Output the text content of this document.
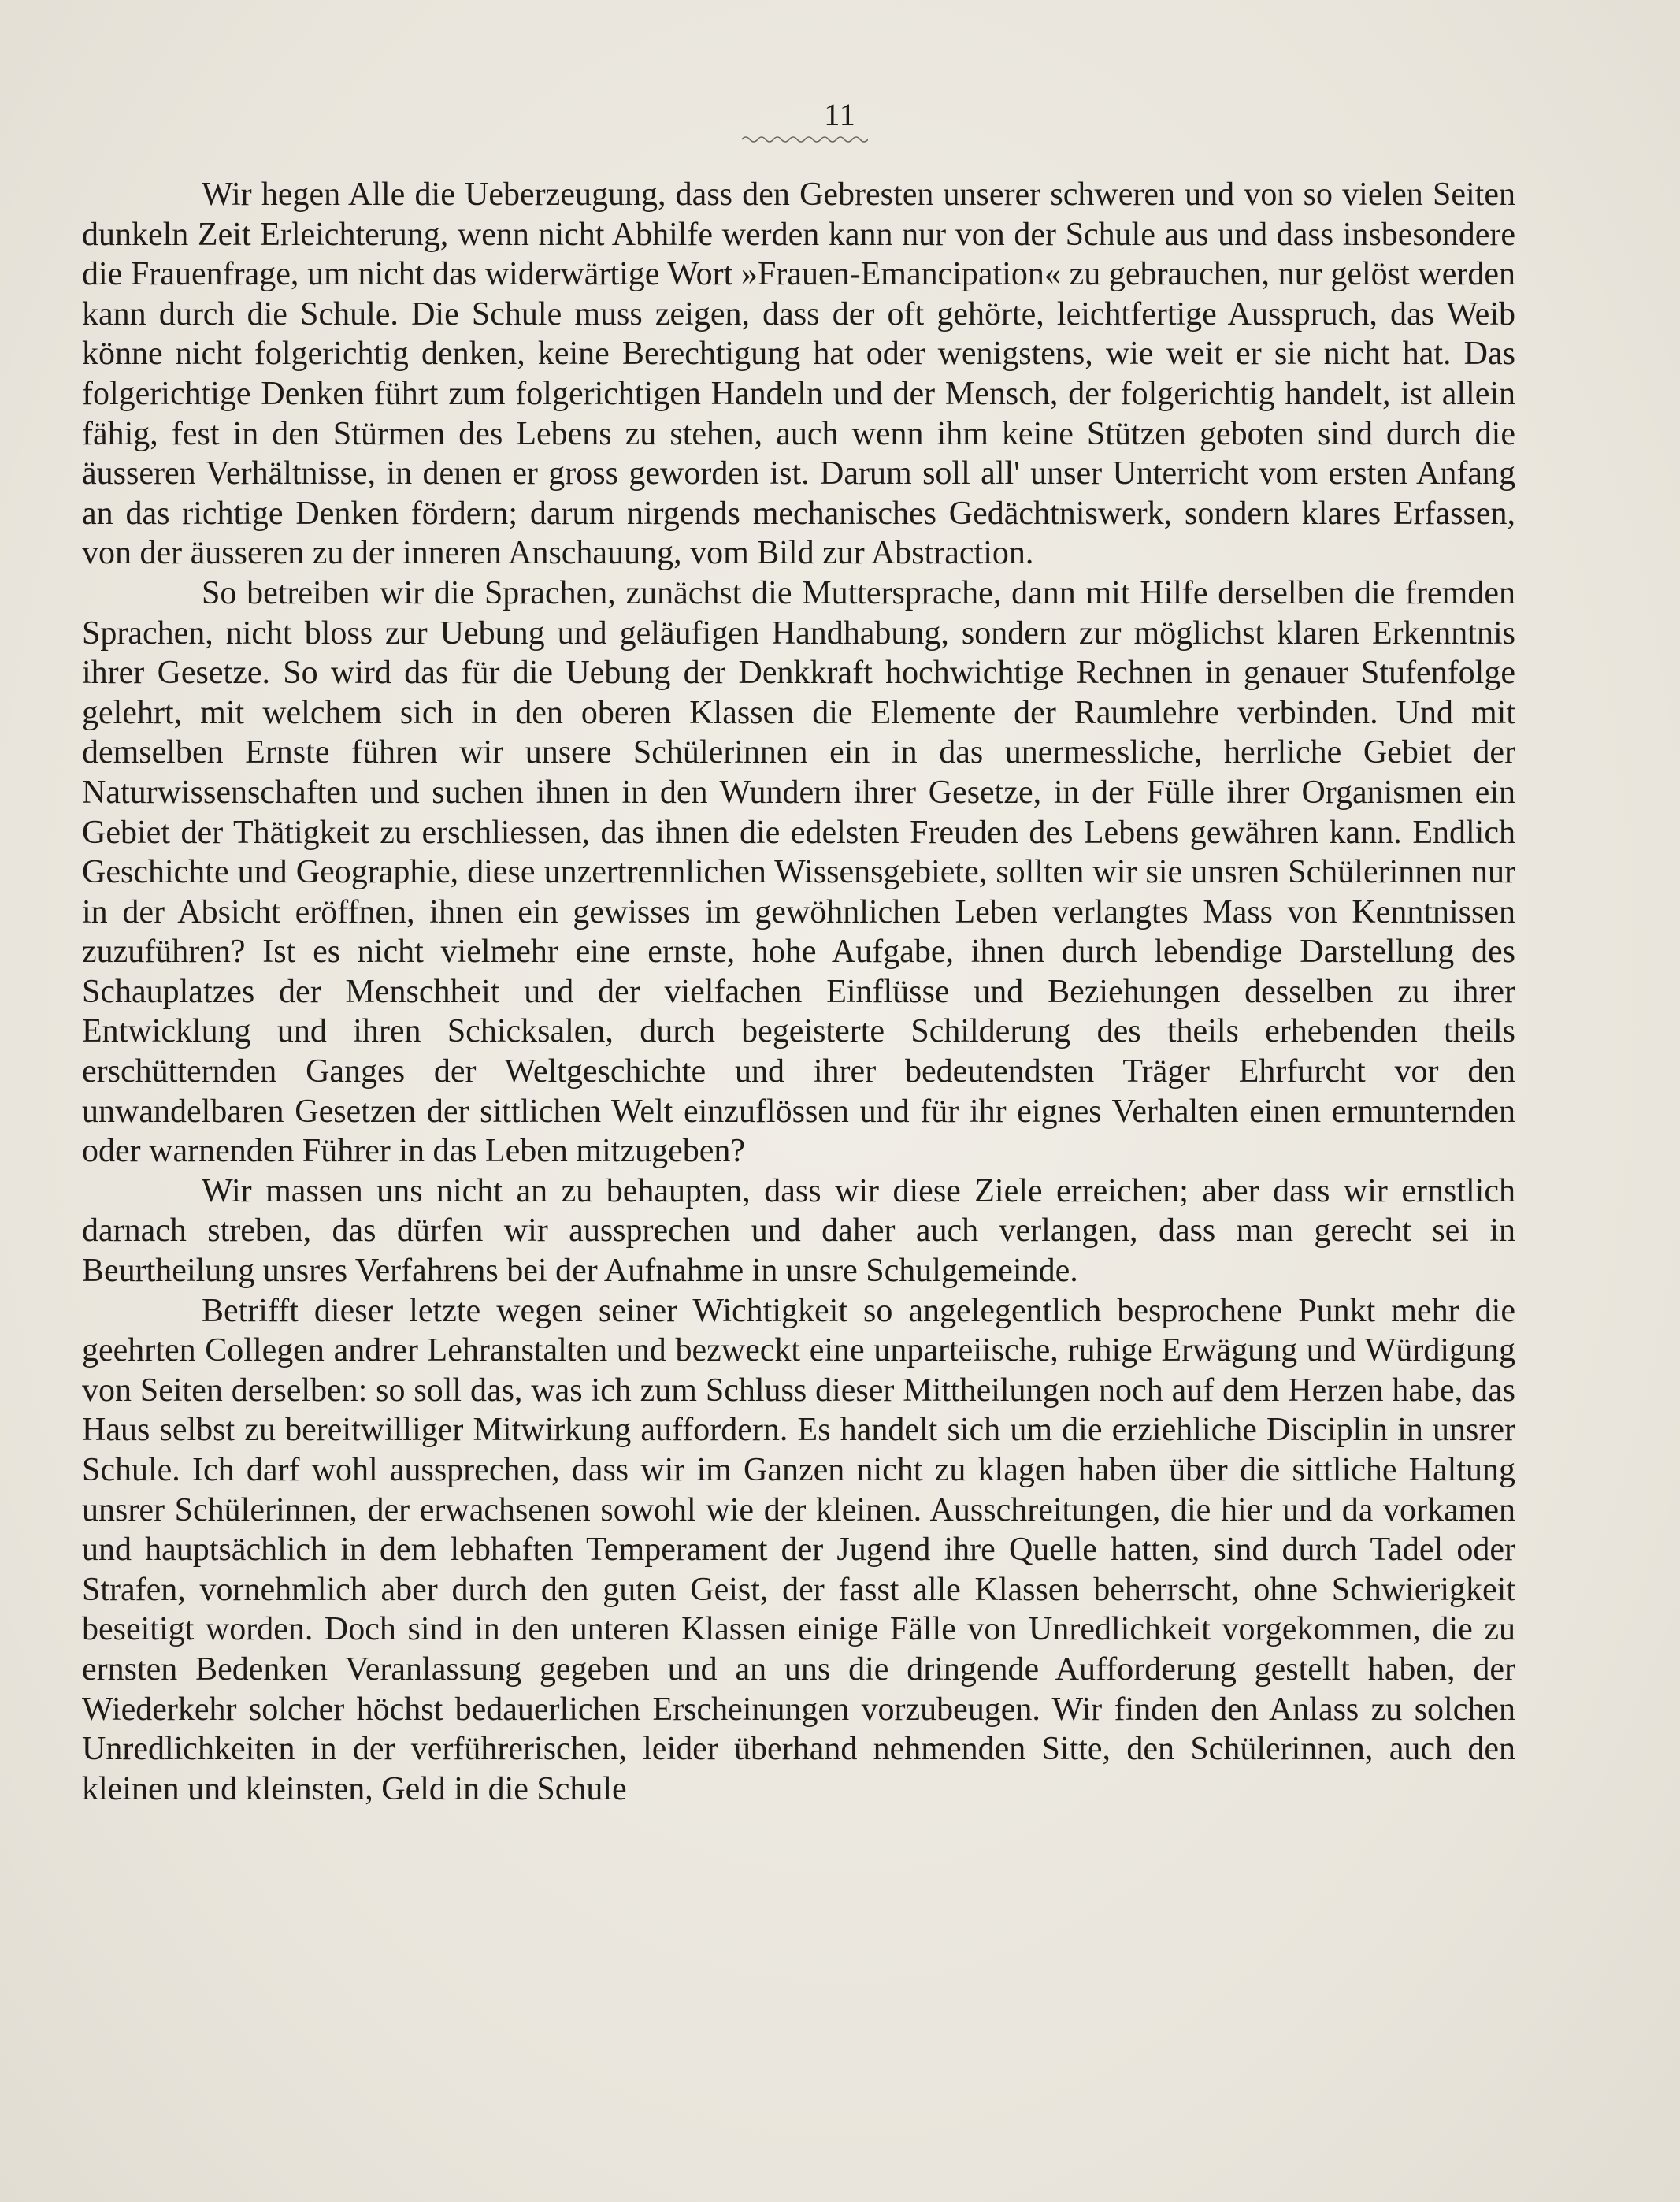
11

Wir hegen Alle die Ueberzeugung, dass den Gebresten unserer schweren und von so vielen Seiten dunkeln Zeit Erleichterung, wenn nicht Abhilfe werden kann nur von der Schule aus und dass insbesondere die Frauenfrage, um nicht das widerwärtige Wort »Frauen-Emancipation« zu gebrauchen, nur gelöst werden kann durch die Schule. Die Schule muss zeigen, dass der oft gehörte, leichtfertige Ausspruch, das Weib könne nicht folgerichtig denken, keine Berechtigung hat oder wenigstens, wie weit er sie nicht hat. Das folgerichtige Denken führt zum folgerichtigen Handeln und der Mensch, der folgerichtig handelt, ist allein fähig, fest in den Stürmen des Lebens zu stehen, auch wenn ihm keine Stützen geboten sind durch die äusseren Verhältnisse, in denen er gross geworden ist. Darum soll all' unser Unterricht vom ersten Anfang an das richtige Denken fördern; darum nirgends mechanisches Gedächtniswerk, sondern klares Erfassen, von der äusseren zu der inneren Anschauung, vom Bild zur Abstraction.

So betreiben wir die Sprachen, zunächst die Muttersprache, dann mit Hilfe derselben die fremden Sprachen, nicht bloss zur Uebung und geläufigen Handhabung, sondern zur möglichst klaren Erkenntnis ihrer Gesetze. So wird das für die Uebung der Denkkraft hochwichtige Rechnen in genauer Stufenfolge gelehrt, mit welchem sich in den oberen Klassen die Elemente der Raumlehre verbinden. Und mit demselben Ernste führen wir unsere Schülerinnen ein in das unermessliche, herrliche Gebiet der Naturwissenschaften und suchen ihnen in den Wundern ihrer Gesetze, in der Fülle ihrer Organismen ein Gebiet der Thätigkeit zu erschliessen, das ihnen die edelsten Freuden des Lebens gewähren kann. Endlich Geschichte und Geographie, diese unzertrennlichen Wissensgebiete, sollten wir sie unsren Schülerinnen nur in der Absicht eröffnen, ihnen ein gewisses im gewöhnlichen Leben verlangtes Mass von Kenntnissen zuzuführen? Ist es nicht vielmehr eine ernste, hohe Aufgabe, ihnen durch lebendige Darstellung des Schauplatzes der Menschheit und der vielfachen Einflüsse und Beziehungen desselben zu ihrer Entwicklung und ihren Schicksalen, durch begeisterte Schilderung des theils erhebenden theils erschütternden Ganges der Weltgeschichte und ihrer bedeutendsten Träger Ehrfurcht vor den unwandelbaren Gesetzen der sittlichen Welt einzuflössen und für ihr eignes Verhalten einen ermunternden oder warnenden Führer in das Leben mitzugeben?

Wir massen uns nicht an zu behaupten, dass wir diese Ziele erreichen; aber dass wir ernstlich darnach streben, das dürfen wir aussprechen und daher auch verlangen, dass man gerecht sei in Beurtheilung unsres Verfahrens bei der Aufnahme in unsre Schulgemeinde.

Betrifft dieser letzte wegen seiner Wichtigkeit so angelegentlich besprochene Punkt mehr die geehrten Collegen andrer Lehranstalten und bezweckt eine unparteiische, ruhige Erwägung und Würdigung von Seiten derselben: so soll das, was ich zum Schluss dieser Mittheilungen noch auf dem Herzen habe, das Haus selbst zu bereitwilliger Mitwirkung auffordern. Es handelt sich um die erziehliche Disciplin in unsrer Schule. Ich darf wohl aussprechen, dass wir im Ganzen nicht zu klagen haben über die sittliche Haltung unsrer Schülerinnen, der erwachsenen sowohl wie der kleinen. Ausschreitungen, die hier und da vorkamen und hauptsächlich in dem lebhaften Temperament der Jugend ihre Quelle hatten, sind durch Tadel oder Strafen, vornehmlich aber durch den guten Geist, der fasst alle Klassen beherrscht, ohne Schwierigkeit beseitigt worden. Doch sind in den unteren Klassen einige Fälle von Unredlichkeit vorgekommen, die zu ernsten Bedenken Veranlassung gegeben und an uns die dringende Aufforderung gestellt haben, der Wiederkehr solcher höchst bedauerlichen Erscheinungen vorzubeugen. Wir finden den Anlass zu solchen Unredlichkeiten in der verführerischen, leider überhand nehmenden Sitte, den Schülerinnen, auch den kleinen und kleinsten, Geld in die Schule
